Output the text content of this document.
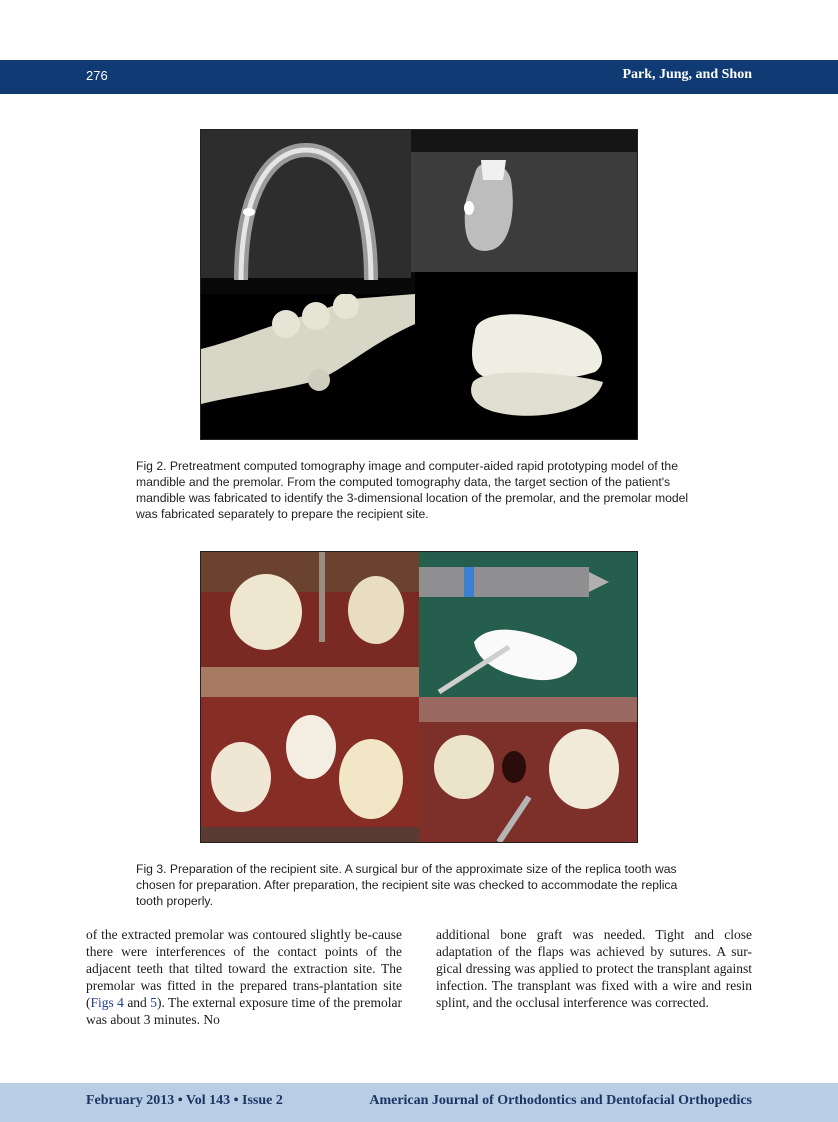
276	Park, Jung, and Shon
Fig 2. Pretreatment computed tomography image and computer-aided rapid prototyping model of the mandible and the premolar. From the computed tomography data, the target section of the patient's mandible was fabricated to identify the 3-dimensional location of the premolar, and the premolar model was fabricated separately to prepare the recipient site.
Fig 3. Preparation of the recipient site. A surgical bur of the approximate size of the replica tooth was chosen for preparation. After preparation, the recipient site was checked to accommodate the replica tooth properly.
of the extracted premolar was contoured slightly be-cause there were interferences of the contact points of the adjacent teeth that tilted toward the extraction site. The premolar was fitted in the prepared trans-plantation site (Figs 4 and 5). The external exposure time of the premolar was about 3 minutes. No
additional bone graft was needed. Tight and close adaptation of the flaps was achieved by sutures. A sur-gical dressing was applied to protect the transplant against infection. The transplant was fixed with a wire and resin splint, and the occlusal interference was corrected.
February 2013 • Vol 143 • Issue 2	American Journal of Orthodontics and Dentofacial Orthopedics
